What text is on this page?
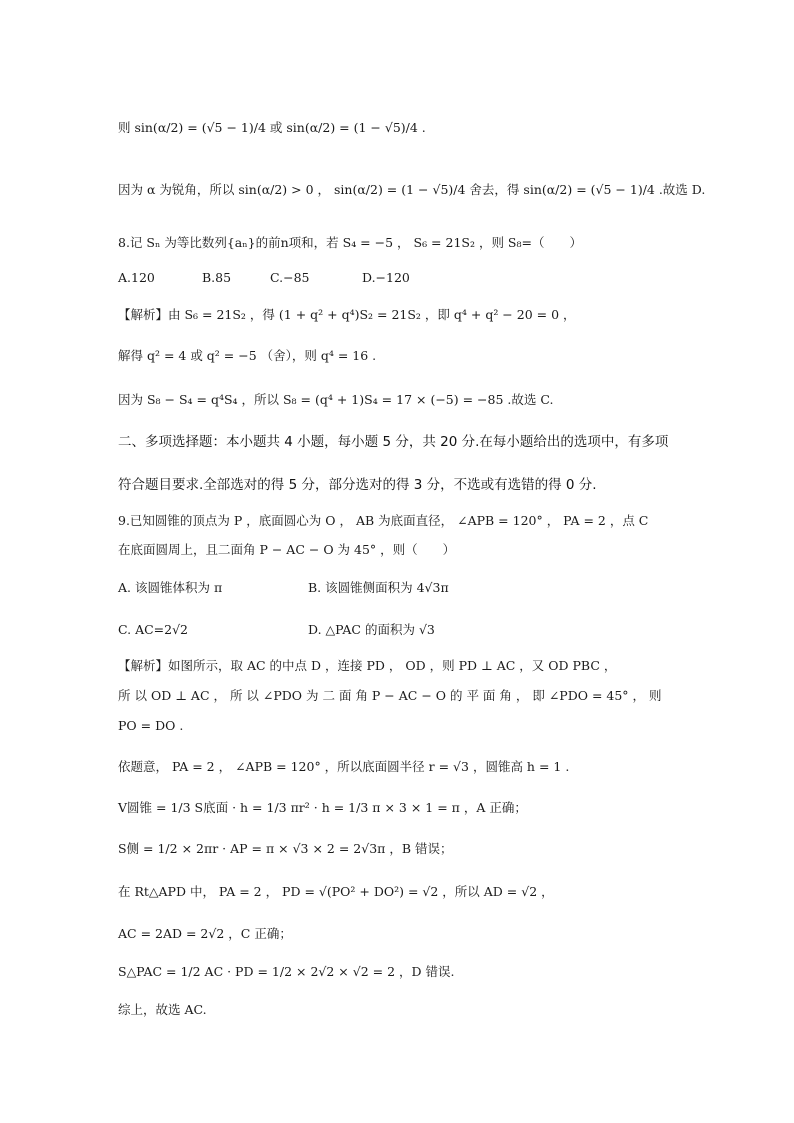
则 sin(α/2) = (√5 − 1)/4 或 sin(α/2) = (1 − √5)/4 .
因为 α 为锐角，所以 sin(α/2) > 0 ， sin(α/2) = (1 − √5)/4 舍去，得 sin(α/2) = (√5 − 1)/4 .故选 D.
8.记 Sₙ 为等比数列{aₙ}的前n项和，若 S₄ = −5 ， S₆ = 21S₂ ，则 S₈=（　　）
A.120	B.85	C.−85	D.−120
【解析】由 S₆ = 21S₂ ，得 (1 + q² + q⁴)S₂ = 21S₂ ，即 q⁴ + q² − 20 = 0 ，
解得 q² = 4 或 q² = −5 （舍），则 q⁴ = 16 .
因为 S₈ − S₄ = q⁴S₄ ，所以 S₈ = (q⁴ + 1)S₄ = 17 × (−5) = −85 .故选 C.
二、多项选择题：本小题共 4 小题，每小题 5 分，共 20 分.在每小题给出的选项中，有多项
符合题目要求.全部选对的得 5 分，部分选对的得 3 分，不选或有选错的得 0 分.
9.已知圆锥的顶点为 P ，底面圆心为 O ， AB 为底面直径， ∠APB = 120° ， PA = 2 ，点 C
在底面圆周上，且二面角 P − AC − O 为 45° ，则（　　）
A. 该圆锥体积为 π	B. 该圆锥侧面积为 4√3π
C. AC=2√2	D. △PAC 的面积为 √3
【解析】如图所示，取 AC 的中点 D ，连接 PD ， OD ，则 PD ⊥ AC ，又 OD PBC ，
所 以 OD ⊥ AC ， 所 以 ∠PDO 为 二 面 角 P − AC − O 的 平 面 角 ， 即 ∠PDO = 45° ， 则
PO = DO .
依题意， PA = 2 ， ∠APB = 120° ，所以底面圆半径 r = √3 ，圆锥高 h = 1 .
V圆锥 = 1/3 S底面 · h = 1/3 πr² · h = 1/3 π × 3 × 1 = π ，A 正确；
S侧 = 1/2 × 2πr · AP = π × √3 × 2 = 2√3π ，B 错误；
在 Rt△APD 中， PA = 2 ， PD = √(PO² + DO²) = √2 ，所以 AD = √2 ，
AC = 2AD = 2√2 ，C 正确；
S△PAC = 1/2 AC · PD = 1/2 × 2√2 × √2 = 2 ，D 错误.
综上，故选 AC.
